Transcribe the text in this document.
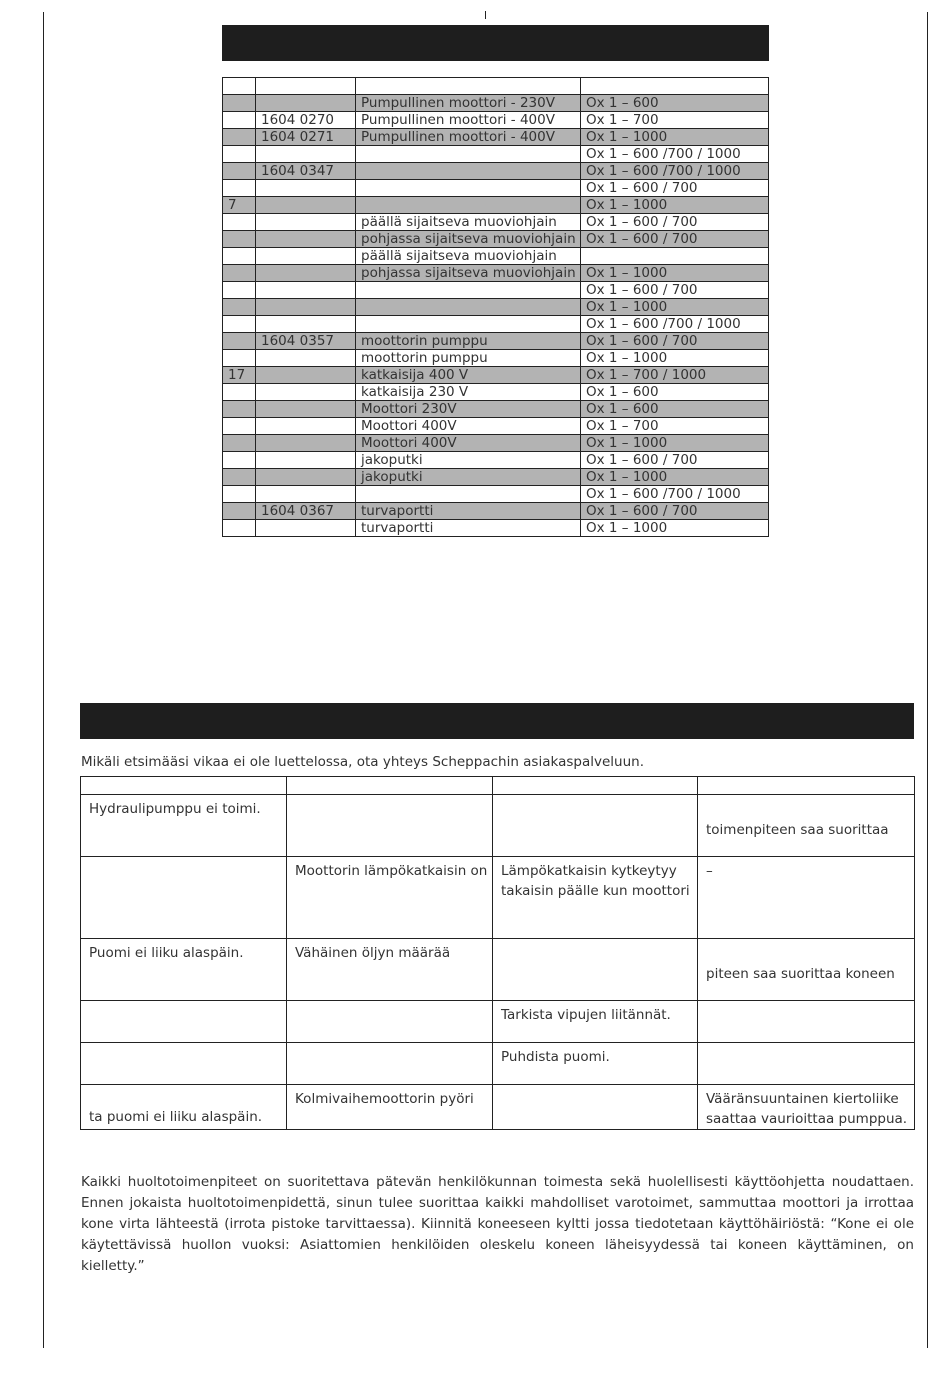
		Pumpullinen moottori - 230V	Ox 1 – 600
	1604 0270	Pumpullinen moottori - 400V	Ox 1 – 700
	1604 0271	Pumpullinen moottori - 400V	Ox 1 – 1000
			Ox 1 – 600 /700 / 1000
	1604 0347		Ox 1 – 600 /700 / 1000
			Ox 1 – 600 / 700
7			Ox 1 – 1000
		päällä sijaitseva muoviohjain	Ox 1 – 600 / 700
		pohjassa sijaitseva muoviohjain	Ox 1 – 600 / 700
		päällä sijaitseva muoviohjain	
		pohjassa sijaitseva muoviohjain	Ox 1 – 1000
			Ox 1 – 600 / 700
			Ox 1 – 1000
			Ox 1 – 600 /700 / 1000
	1604 0357	moottorin pumppu	Ox 1 – 600 / 700
		moottorin pumppu	Ox 1 – 1000
17		katkaisija 400 V	Ox 1 – 700 / 1000
		katkaisija 230 V	Ox 1 – 600
		Moottori 230V	Ox 1 – 600
		Moottori 400V	Ox 1 – 700
		Moottori 400V	Ox 1 – 1000
		jakoputki	Ox 1 – 600 / 700
		jakoputki	Ox 1 – 1000
			Ox 1 – 600 /700 / 1000
	1604 0367	turvaportti	Ox 1 – 600 / 700
		turvaportti	Ox 1 – 1000
Mikäli etsimääsi vikaa ei ole luettelossa, ota yhteys Scheppachin asiakaspalveluun.

Hydraulipumppu ei toimi.			toimenpiteen saa suorittaa

	Moottorin lämpökatkaisin on	Lämpökatkaisin kytkeytyy
takaisin päälle kun moottori	–
Puomi ei liiku alaspäin.	Vähäinen öljyn määrää		piteen saa suorittaa koneen

		Tarkista vipujen liitännät.	
		Puhdista puomi.	

ta puomi ei liiku alaspäin.	Kolmivaihemoottorin pyöri		Vääränsuuntainen kiertoliike
saattaa vaurioittaa pumppua.
Kaikki huoltotoimenpiteet on suoritettava pätevän henkilökunnan toimesta sekä huolellisesti käyttöohjetta noudattaen. Ennen jokaista huoltotoimenpidettä, sinun tulee suorittaa kaikki mahdolliset varotoimet, sammuttaa moottori ja irrottaa kone virta lähteestä (irrota pistoke tarvittaessa). Kiinnitä koneeseen kyltti jossa tiedotetaan käyttöhäiriöstä: “Kone ei ole käytettävissä huollon vuoksi: Asiattomien henkilöiden oleskelu koneen läheisyydessä tai koneen käyttäminen, on kielletty.”
